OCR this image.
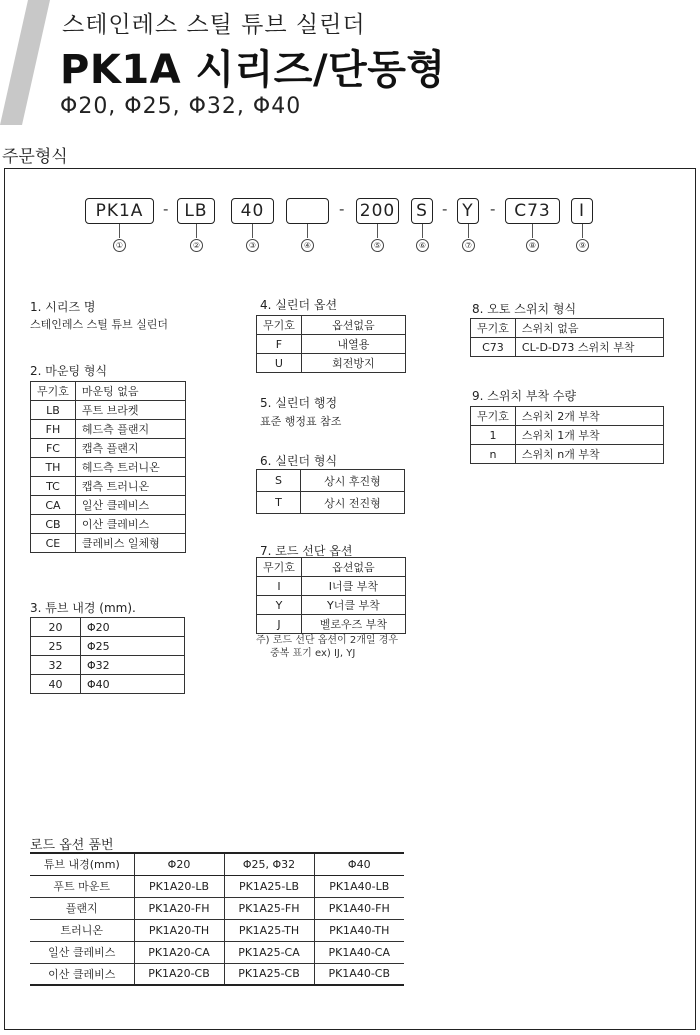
스테인레스 스틸 튜브 실린더
PK1A 시리즈/단동형
Φ20, Φ25, Φ32, Φ40
주문형식
PK1A	- LB	40	- 200 S - Y	-	C73	I
①	②	③	④	⑤	⑥	⑦	⑧	⑨
1. 시리즈 명
스테인레스 스틸 튜브 실린더
2. 마운팅 형식
무기호	마운팅 없음
LB	푸트 브라켓
FH	헤드측 플랜지
FC	캡측 플랜지
TH	헤드측 트러니온
TC	캡측 트러니온
CA	일산 클레비스
CB	이산 클레비스
CE	클레비스 일체형
3. 튜브 내경 (mm).
20	Φ20
25	Φ25
32	Φ32
40	Φ40
4. 실린더 옵션
무기호	옵션없음
F	내열용
U	회전방지
5. 실린더 행정
표준 행정표 참조
6. 실린더 형식
S	상시 후진형
T	상시 전진형
7. 로드 선단 옵션
무기호	옵션없음
I	I너클 부착
Y	Y너클 부착
J	벨로우즈 부착
주) 로드 선단 옵션이 2개일 경우
중복 표기 ex) IJ, YJ
8. 오토 스위치 형식
무기호	스위치 없음
C73	CL-D-D73 스위치 부착
9. 스위치 부착 수량
무기호	스위치 2개 부착
1	스위치 1개 부착
n	스위치 n개 부착
로드 옵션 품번
튜브 내경(mm)	Φ20	Φ25, Φ32	Φ40
푸트 마운트	PK1A20-LB	PK1A25-LB	PK1A40-LB
플랜지	PK1A20-FH	PK1A25-FH	PK1A40-FH
트러니온	PK1A20-TH	PK1A25-TH	PK1A40-TH
일산 클레비스	PK1A20-CA	PK1A25-CA	PK1A40-CA
이산 클레비스	PK1A20-CB	PK1A25-CB	PK1A40-CB
